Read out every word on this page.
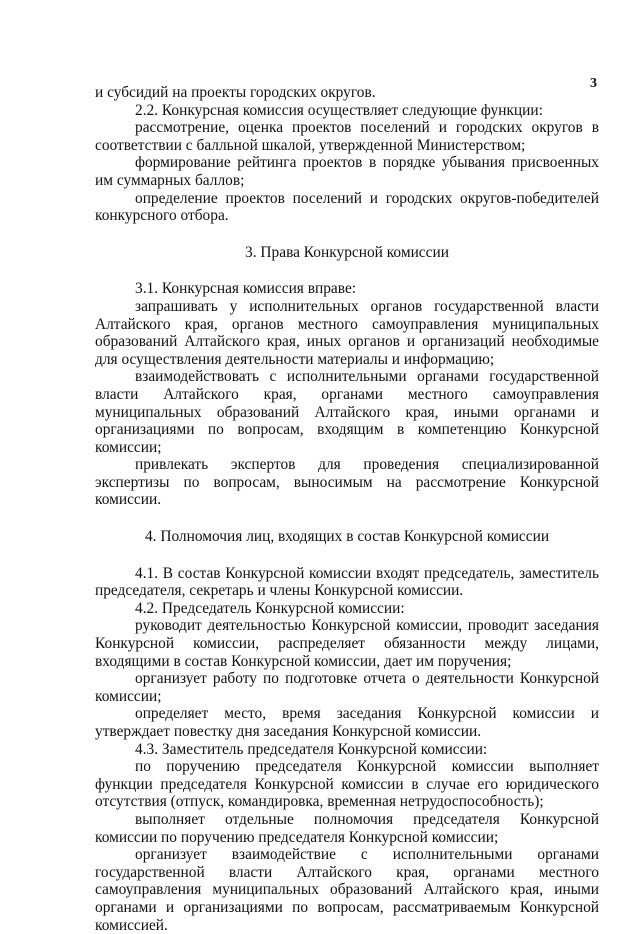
3

и субсидий на проекты городских округов.

2.2. Конкурсная комиссия осуществляет следующие функции:

рассмотрение, оценка проектов поселений и городских округов в соответствии с балльной шкалой, утвержденной Министерством;

формирование рейтинга проектов в порядке убывания присвоенных им суммарных баллов;

определение проектов поселений и городских округов-победителей конкурсного отбора.

3. Права Конкурсной комиссии

3.1. Конкурсная комиссия вправе:

запрашивать у исполнительных органов государственной власти Алтайского края, органов местного самоуправления муниципальных образований Алтайского края, иных органов и организаций необходимые для осуществления деятельности материалы и информацию;

взаимодействовать с исполнительными органами государственной власти Алтайского края, органами местного самоуправления муниципальных образований Алтайского края, иными органами и организациями по вопросам, входящим в компетенцию Конкурсной комиссии;

привлекать экспертов для проведения специализированной экспертизы по вопросам, выносимым на рассмотрение Конкурсной комиссии.

4. Полномочия лиц, входящих в состав Конкурсной комиссии

4.1. В состав Конкурсной комиссии входят председатель, заместитель председателя, секретарь и члены Конкурсной комиссии.

4.2. Председатель Конкурсной комиссии:

руководит деятельностью Конкурсной комиссии, проводит заседания Конкурсной комиссии, распределяет обязанности между лицами, входящими в состав Конкурсной комиссии, дает им поручения;

организует работу по подготовке отчета о деятельности Конкурсной комиссии;

определяет место, время заседания Конкурсной комиссии и утверждает повестку дня заседания Конкурсной комиссии.

4.3. Заместитель председателя Конкурсной комиссии:

по поручению председателя Конкурсной комиссии выполняет функции председателя Конкурсной комиссии в случае его юридического отсутствия (отпуск, командировка, временная нетрудоспособность);

выполняет отдельные полномочия председателя Конкурсной комиссии по поручению председателя Конкурсной комиссии;

организует взаимодействие с исполнительными органами государственной власти Алтайского края, органами местного самоуправления муниципальных образований Алтайского края, иными органами и организациями по вопросам, рассматриваемым Конкурсной комиссией.
